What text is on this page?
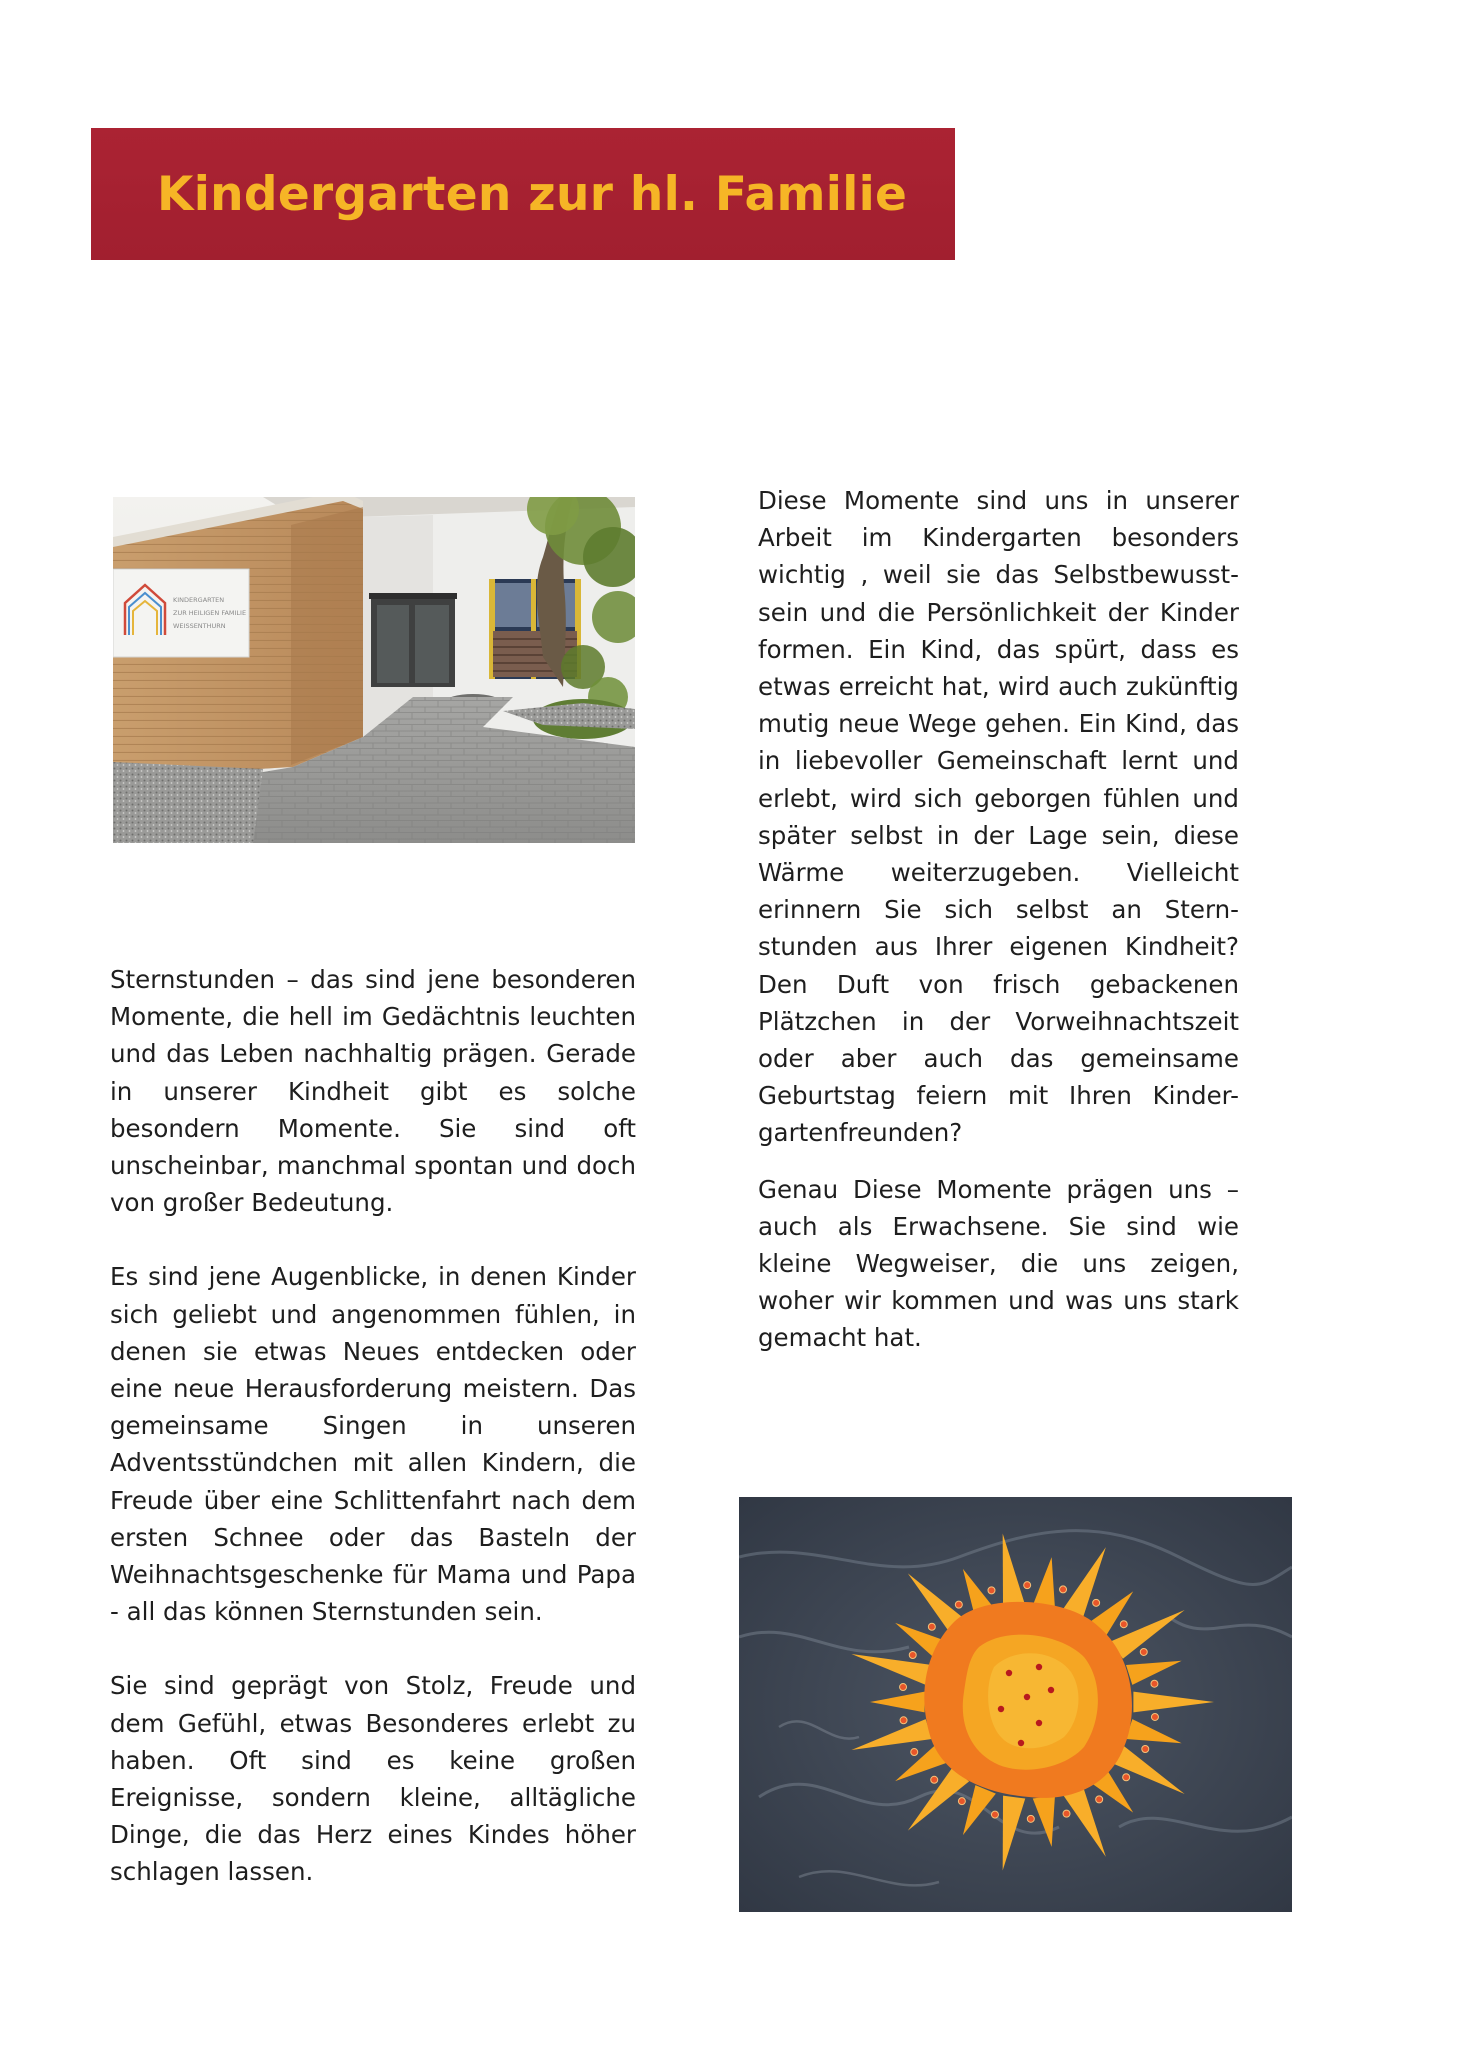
Kindergarten zur hl. Familie
KINDERGARTEN
ZUR HEILIGEN FAMILIE
WEISSENTHURN

Sternstunden – das sind jene besonderen Momente, die hell im Gedächtnis leuchten und das Leben nachhaltig prägen. Gerade in unserer Kindheit gibt es solche besondern Momente. Sie sind oft unscheinbar, manchmal spontan und doch von großer Bedeutung.

Es sind jene Augenblicke, in denen Kinder sich geliebt und angenommen fühlen, in denen sie etwas Neues entdecken oder eine neue Herausforderung meistern. Das gemeinsame Singen in unseren Adventsstündchen mit allen Kindern, die Freude über eine Schlittenfahrt nach dem ersten Schnee oder das Basteln der Weihnachtsgeschenke für Mama und Papa - all das können Sternstunden sein.

Sie sind geprägt von Stolz, Freude und dem Gefühl, etwas Besonderes erlebt zu haben. Oft sind es keine großen Ereignisse, sondern kleine, alltägliche Dinge, die das Herz eines Kindes höher schlagen lassen.

Diese Momente sind uns in unserer Arbeit im Kindergarten besonders wichtig , weil sie das Selbstbewusst-sein und die Persönlichkeit der Kinder formen. Ein Kind, das spürt, dass es etwas erreicht hat, wird auch zukünftig mutig neue Wege gehen. Ein Kind, das in liebevoller Gemeinschaft lernt und erlebt, wird sich geborgen fühlen und später selbst in der Lage sein, diese Wärme weiterzugeben. Vielleicht erinnern Sie sich selbst an Stern-stunden aus Ihrer eigenen Kindheit? Den Duft von frisch gebackenen Plätzchen in der Vorweihnachtszeit oder aber auch das gemeinsame Geburtstag feiern mit Ihren Kinder-gartenfreunden?

Genau Diese Momente prägen uns – auch als Erwachsene. Sie sind wie kleine Wegweiser, die uns zeigen, woher wir kommen und was uns stark gemacht hat.
